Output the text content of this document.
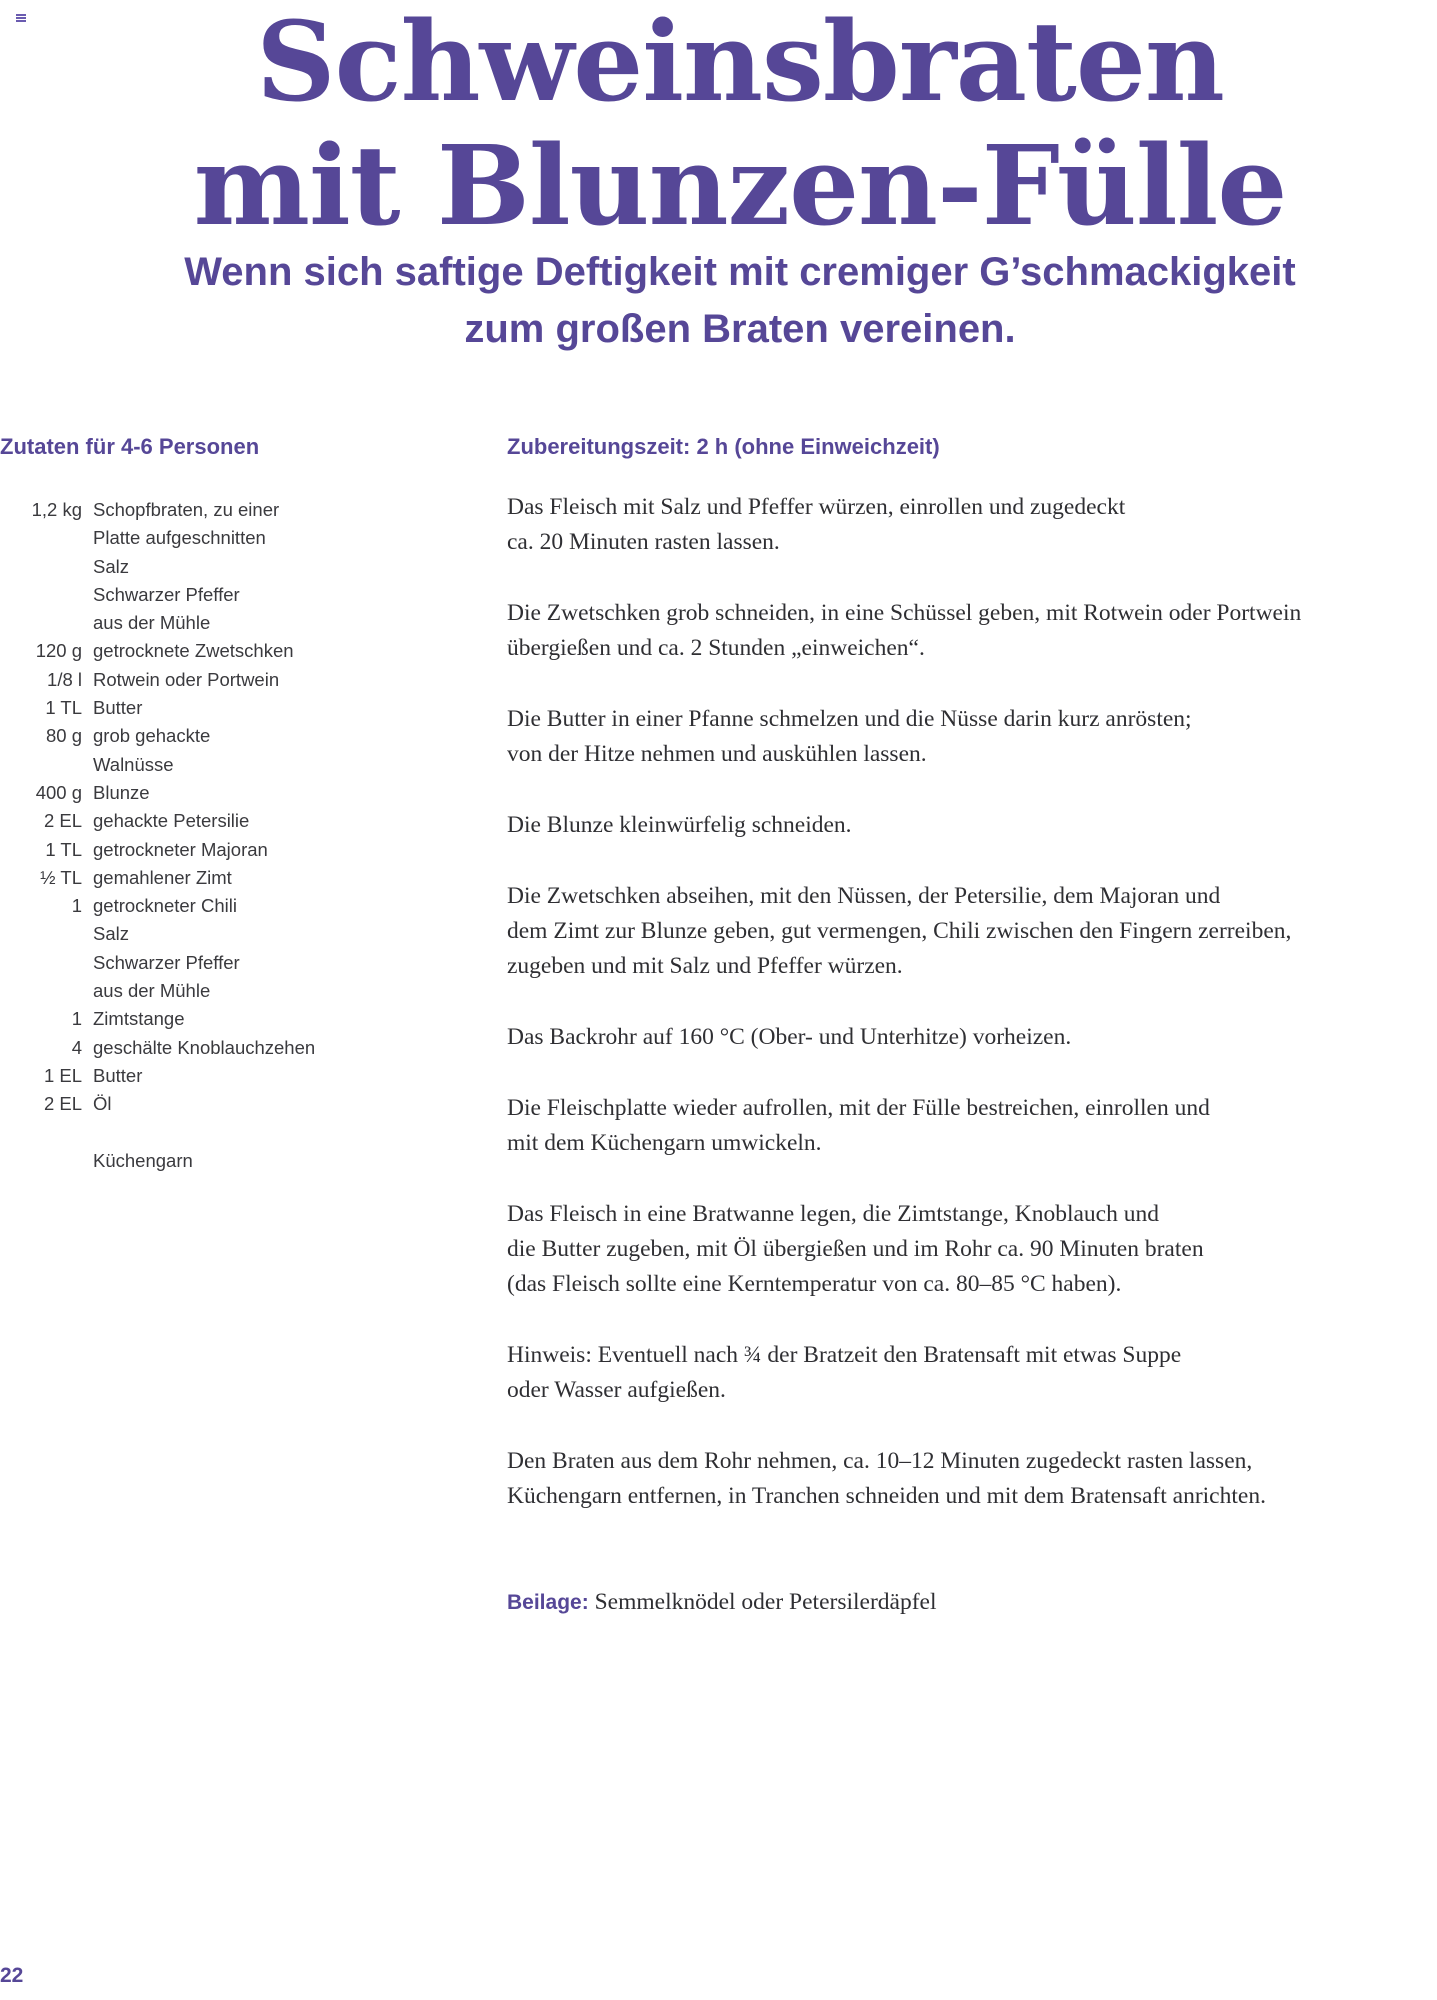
Schweinsbraten
mit Blunzen-Fülle
Wenn sich saftige Deftigkeit mit cremiger G’schmackigkeit
zum großen Braten vereinen.
Zutaten für 4-6 Personen
1,2 kg Schopfbraten, zu einer
Platte aufgeschnitten
Salz
Schwarzer Pfeffer
aus der Mühle
120 g getrocknete Zwetschken
1/8 l Rotwein oder Portwein
1 TL Butter
80 g grob gehackte
Walnüsse
400 g Blunze
2 EL gehackte Petersilie
1 TL getrockneter Majoran
½ TL gemahlener Zimt
1 getrockneter Chili
Salz
Schwarzer Pfeffer
aus der Mühle
1 Zimtstange
4 geschälte Knoblauchzehen
1 EL Butter
2 EL Öl
Küchengarn
Zubereitungszeit: 2 h (ohne Einweichzeit)

Das Fleisch mit Salz und Pfeffer würzen, einrollen und zugedeckt
ca. 20 Minuten rasten lassen.

Die Zwetschken grob schneiden, in eine Schüssel geben, mit Rotwein oder Portwein
übergießen und ca. 2 Stunden „einweichen“.

Die Butter in einer Pfanne schmelzen und die Nüsse darin kurz anrösten;
von der Hitze nehmen und auskühlen lassen.

Die Blunze kleinwürfelig schneiden.

Die Zwetschken abseihen, mit den Nüssen, der Petersilie, dem Majoran und
dem Zimt zur Blunze geben, gut vermengen, Chili zwischen den Fingern zerreiben,
zugeben und mit Salz und Pfeffer würzen.

Das Backrohr auf 160 °C (Ober- und Unterhitze) vorheizen.

Die Fleischplatte wieder aufrollen, mit der Fülle bestreichen, einrollen und
mit dem Küchengarn umwickeln.

Das Fleisch in eine Bratwanne legen, die Zimtstange, Knoblauch und
die Butter zugeben, mit Öl übergießen und im Rohr ca. 90 Minuten braten
(das Fleisch sollte eine Kerntemperatur von ca. 80–85 °C haben).

Hinweis: Eventuell nach ¾ der Bratzeit den Bratensaft mit etwas Suppe
oder Wasser aufgießen.

Den Braten aus dem Rohr nehmen, ca. 10–12 Minuten zugedeckt rasten lassen,
Küchengarn entfernen, in Tranchen schneiden und mit dem Bratensaft anrichten.

Beilage: Semmelknödel oder Petersilerdäpfel

22
